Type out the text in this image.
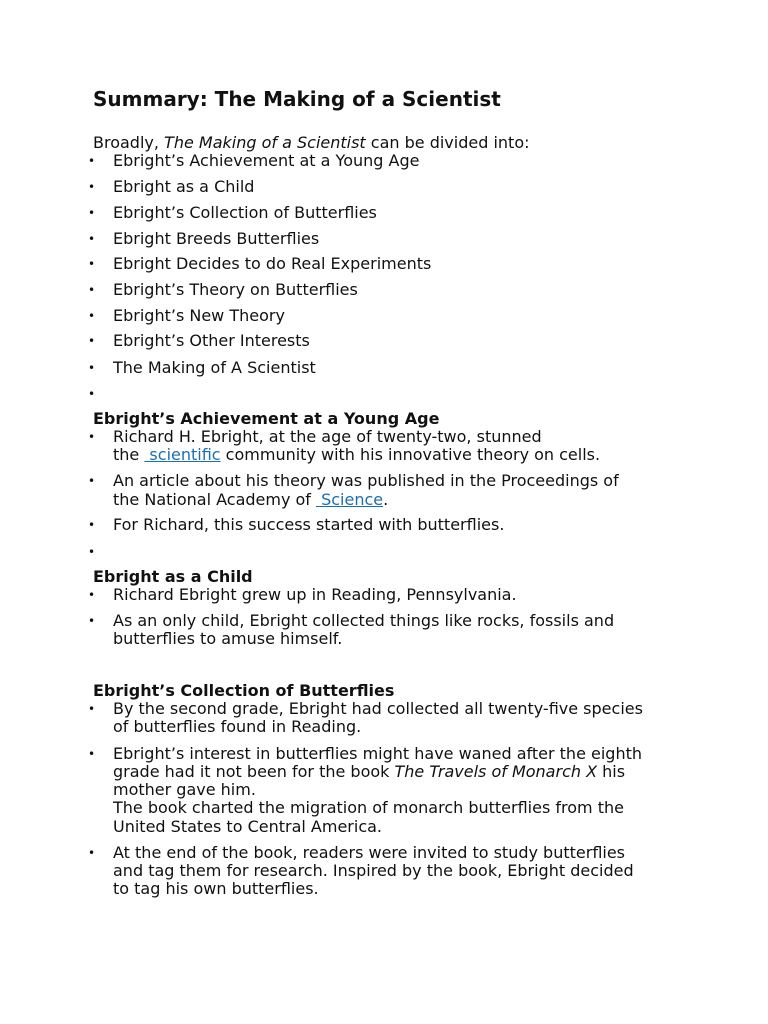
Summary: The Making of a Scientist

Broadly, The Making of a Scientist can be divided into:

• Ebright’s Achievement at a Young Age

• Ebright as a Child

• Ebright’s Collection of Butterflies

• Ebright Breeds Butterflies

• Ebright Decides to do Real Experiments

• Ebright’s Theory on Butterflies

• Ebright’s New Theory

• Ebright’s Other Interests

• The Making of A Scientist

•

Ebright’s Achievement at a Young Age

• Richard H. Ebright, at the age of twenty-two, stunned

the  scientific community with his innovative theory on cells.

• An article about his theory was published in the Proceedings of

the National Academy of  Science.

• For Richard, this success started with butterflies.

•

Ebright as a Child

• Richard Ebright grew up in Reading, Pennsylvania.

• As an only child, Ebright collected things like rocks, fossils and

butterflies to amuse himself.

Ebright’s Collection of Butterflies

• By the second grade, Ebright had collected all twenty-five species

of butterflies found in Reading.

• Ebright’s interest in butterflies might have waned after the eighth

grade had it not been for the book The Travels of Monarch X his

mother gave him.

The book charted the migration of monarch butterflies from the

United States to Central America.

• At the end of the book, readers were invited to study butterflies

and tag them for research. Inspired by the book, Ebright decided

to tag his own butterflies.
